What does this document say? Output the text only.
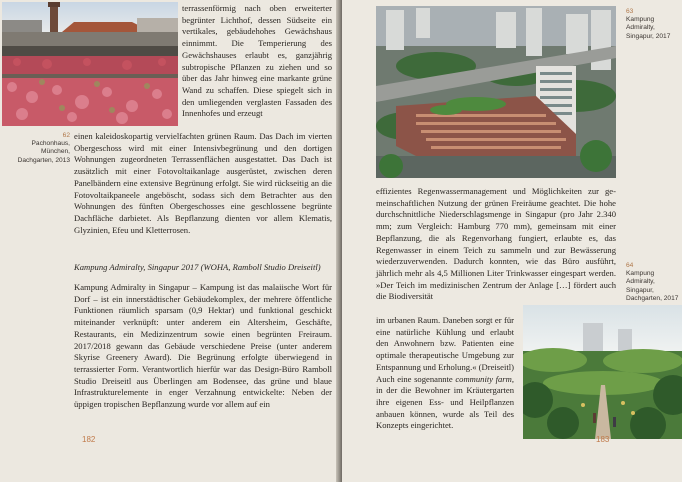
62
Pachonhaus, München, Dachgarten, 2013
terrassenförmig nach oben erweiterter begrünter Lichthof, dessen Südseite ein vertikales, gebäudehohes Gewächshaus einnimmt. Die Temperierung des Gewächshauses erlaubt es, ganzjährig subtropische Pflanzen zu ziehen und so über das Jahr hinweg eine markante grüne Wand zu schaffen. Diese spiegelt sich in den umliegenden verglasten Fassaden des Innenhofes und erzeugt
einen kaleidoskopartig vervielfachten grünen Raum. Das Dach im vierten Obergeschoss wird mit einer Intensivbegrünung und den dortigen Wohnungen zugeordneten Terrassenflächen ausgestattet. Das Dach ist zusätzlich mit einer Fotovoltaikanlage ausgerüstet, zwischen deren Panelbändern eine extensive Begrünung erfolgt. Sie wird rückseitig an die Fotovoltaikpaneele angeböscht, sodass sich dem Betrachter aus den Wohnungen des fünften Obergeschosses eine geschlossene begrünte Dachfläche darbietet. Als Bepflanzung dienten vor allem Klematis, Glyzinien, Efeu und Kletterrosen.
Kampung Admiralty, Singapur 2017 (WOHA, Ramboll Studio Dreiseitl)
Kampung Admiralty in Singapur – Kampung ist das malaiische Wort für Dorf – ist ein innerstädtischer Gebäudekomplex, der mehrere öffentliche Funktionen räumlich sparsam (0,9 Hektar) und funktional geschickt miteinander verknüpft: unter anderem ein Altersheim, Geschäfte, Restaurants, ein Medizinzentrum sowie einen begrünten Freiraum. 2017/2018 gewann das Gebäude verschiedene Preise (unter anderem Skyrise Greenery Award). Die Begrünung erfolgte überwiegend in terrassierter Form. Verantwortlich hierfür war das Design-Büro Ramboll Studio Dreiseitl aus Überlingen am Bodensee, das grüne und blaue Infrastrukturelemente in enger Verzahnung entwickelte: Neben der üppigen tropischen Bepflanzung wurde vor allem auf ein
182
63
Kampung Admiralty, Singapur, 2017
effizientes Regenwassermanagement und Möglichkeiten zur gemeinschaftlichen Nutzung der grünen Freiräume geachtet. Die hohe durchschnittliche Niederschlagsmenge in Singapur (pro Jahr 2.340 mm; zum Vergleich: Hamburg 770 mm), gemeinsam mit einer Bepflanzung, die als Regenvorhang fungiert, erlaubte es, das Regenwasser in einem Teich zu sammeln und zur Bewässerung wiederzuverwenden. Dadurch konnten, wie das Büro ausführt, jährlich mehr als 4,5 Millionen Liter Trinkwasser eingespart werden. »Der Teich im medizinischen Zentrum der Anlage […] fördert auch die Biodiversität
64
Kampung Admiralty, Singapur, Dachgarten, 2017
im urbanen Raum. Daneben sorgt er für eine natürliche Kühlung und erlaubt den Anwohnern bzw. Patienten eine optimale therapeutische Umgebung zur Entspannung und Erholung.« (Dreiseitl) Auch eine sogenannte community farm, in der die Bewohner im Kräutergarten ihre eigenen Ess- und Heilpflanzen anbauen können, wurde als Teil des Konzepts eingerichtet.
183
